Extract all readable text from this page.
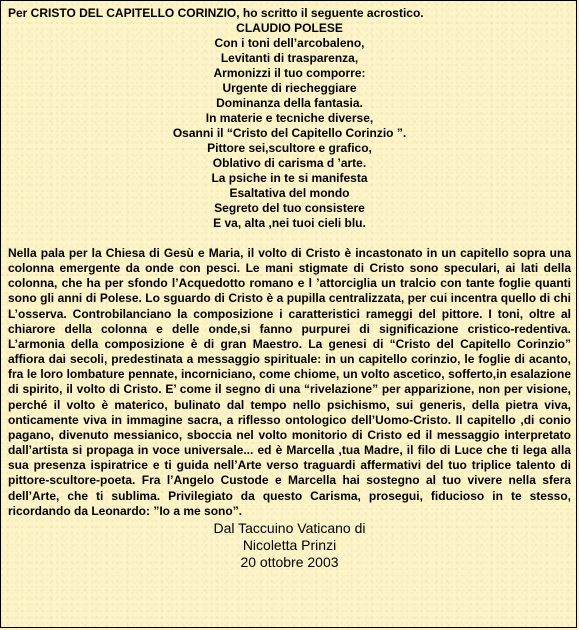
Per CRISTO DEL CAPITELLO CORINZIO, ho scritto il seguente acrostico.

CLAUDIO POLESE
Con i toni dell’arcobaleno,
Levitanti di trasparenza,
Armonizzi il tuo comporre:
Urgente di riecheggiare
Dominanza della fantasia.
In materie e tecniche diverse,
Osanni il “Cristo del Capitello Corinzio ”.
Pittore sei,scultore e grafico,
Oblativo di carisma d ’arte.
La psiche in te si manifesta
Esaltativa del mondo
Segreto del tuo consistere
E va, alta ,nei tuoi cieli blu.

Nella pala per la Chiesa di Gesù e Maria, il volto di Cristo è incastonato in un capitello sopra una colonna emergente da onde con pesci. Le mani stigmate di Cristo sono speculari, ai lati della colonna, che ha per sfondo l’Acquedotto romano e l ’attorciglia un tralcio con tante foglie quanti sono gli anni di Polese. Lo sguardo di Cristo è a pupilla centralizzata, per cui incentra quello di chi L’osserva. Controbilanciano la composizione i caratteristici rameggi del pittore. I toni, oltre al chiarore della colonna e delle onde,si fanno purpurei di significazione cristico-redentiva. L’armonia della composizione è di gran Maestro. La genesi di “Cristo del Capitello Corinzio” affiora dai secoli, predestinata a messaggio spirituale: in un capitello corinzio, le foglie di acanto, fra le loro lombature pennate, incorniciano, come chiome, un volto ascetico, sofferto,in esalazione di spirito, il volto di Cristo. E’ come il segno di una “rivelazione” per apparizione, non per visione, perché il volto è materico, bulinato dal tempo nello psichismo, sui generis, della pietra viva, onticamente viva in immagine sacra, a riflesso ontologico dell’Uomo-Cristo. Il capitello ,di conio pagano, divenuto messianico, sboccia nel volto monitorio di Cristo ed il messaggio interpretato dall’artista si propaga in voce universale... ed è Marcella ,tua Madre, il filo di Luce che ti lega alla sua presenza ispiratrice e ti guida nell’Arte verso traguardi affermativi del tuo triplice talento di pittore-scultore-poeta. Fra l’Angelo Custode e Marcella hai sostegno al tuo vivere nella sfera dell’Arte, che ti sublima. Privilegiato da questo Carisma, prosegui, fiducioso in te stesso, ricordando da Leonardo: ”Io a me sono”.

Dal Taccuino Vaticano di
Nicoletta Prinzi
20 ottobre 2003
